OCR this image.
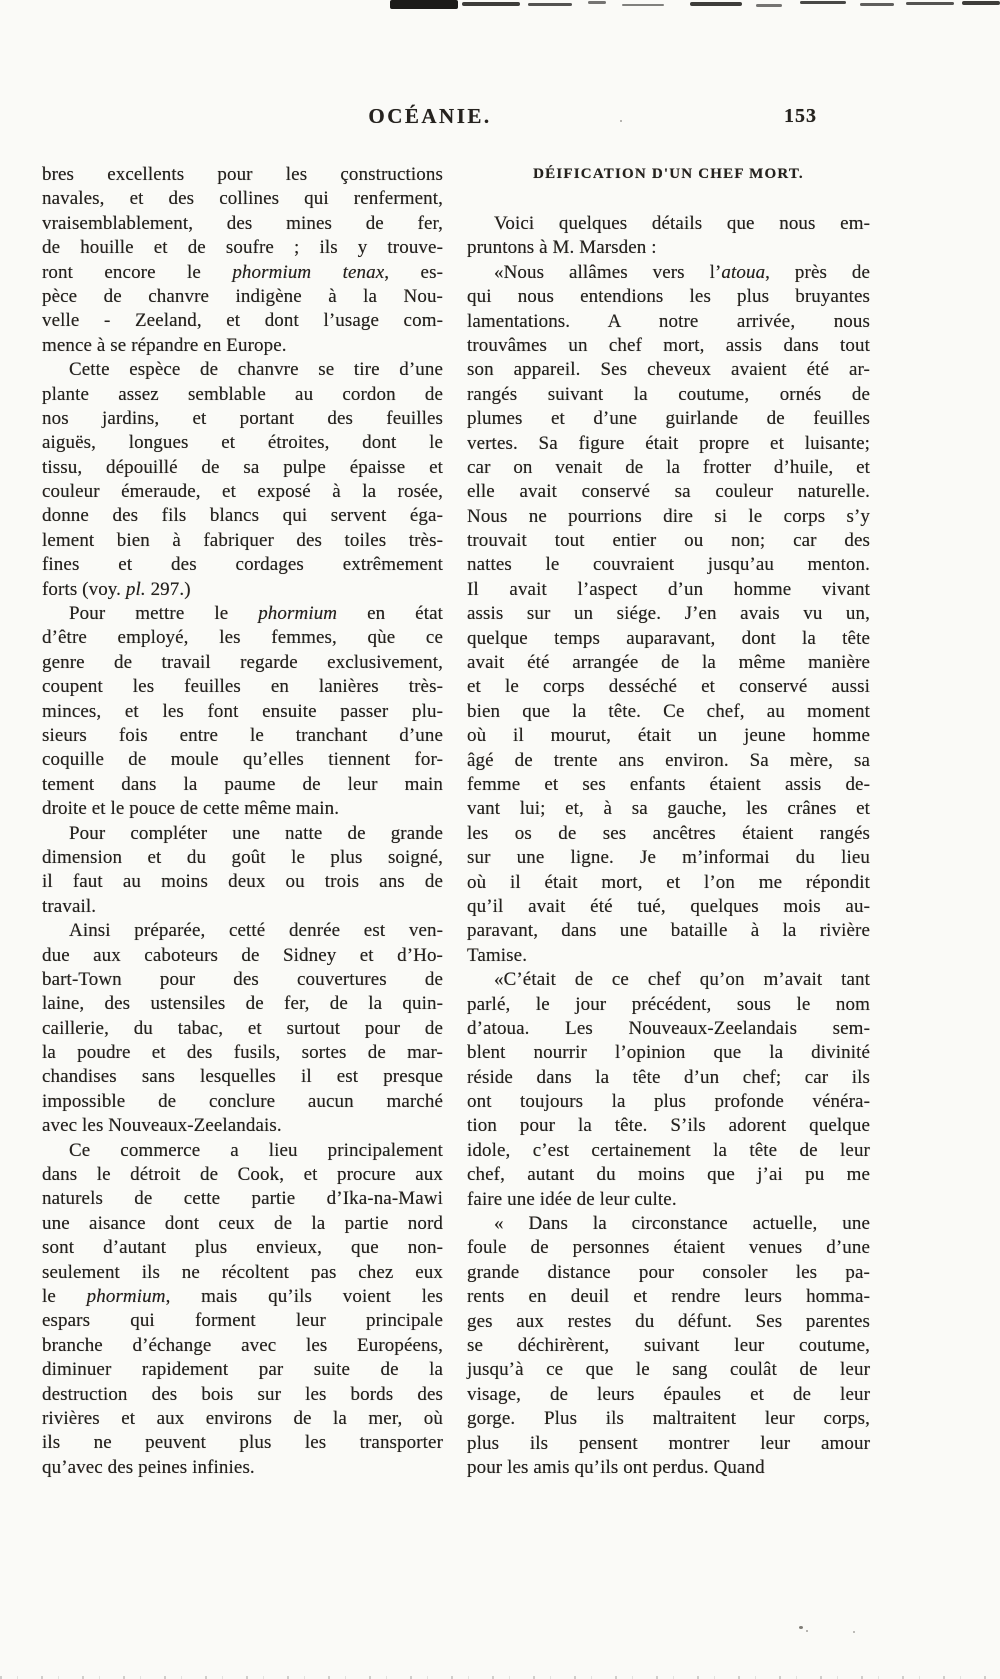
OCÉANIE.	153
bres excellents pour les çonstructions
navales, et des collines qui renferment,
vraisemblablement, des mines de fer,
de houille et de soufre ; ils y trouve-
ront encore le phormium tenax, es-
pèce de chanvre indigène à la Nou-
velle - Zeeland, et dont l’usage com-
mence à se répandre en Europe.
Cette espèce de chanvre se tire d’une
plante assez semblable au cordon de
nos jardins, et portant des feuilles
aiguës, longues et étroites, dont le
tissu, dépouillé de sa pulpe épaisse et
couleur émeraude, et exposé à la rosée,
donne des fils blancs qui servent éga-
lement bien à fabriquer des toiles très-
fines et des cordages extrêmement
forts (voy. pl. 297.)
Pour mettre le phormium en état
d’être employé, les femmes, qùe ce
genre de travail regarde exclusivement,
coupent les feuilles en lanières très-
minces, et les font ensuite passer plu-
sieurs fois entre le tranchant d’une
coquille de moule qu’elles tiennent for-
tement dans la paume de leur main
droite et le pouce de cette même main.
Pour compléter une natte de grande
dimension et du goût le plus soigné,
il faut au moins deux ou trois ans de
travail.
Ainsi préparée, cetté denrée est ven-
due aux caboteurs de Sidney et d’Ho-
bart-Town pour des couvertures de
laine, des ustensiles de fer, de la quin-
caillerie, du tabac, et surtout pour de
la poudre et des fusils, sortes de mar-
chandises sans lesquelles il est presque
impossible de conclure aucun marché
avec les Nouveaux-Zeelandais.
Ce commerce a lieu principalement
dans le détroit de Cook, et procure aux
naturels de cette partie d’Ika-na-Mawi
une aisance dont ceux de la partie nord
sont d’autant plus envieux, que non-
seulement ils ne récoltent pas chez eux
le phormium, mais qu’ils voient les
espars qui forment leur principale
branche d’échange avec les Européens,
diminuer rapidement par suite de la
destruction des bois sur les bords des
rivières et aux environs de la mer, où
ils ne peuvent plus les transporter
qu’avec des peines infinies.
DÉIFICATION D'UN CHEF MORT.
Voici quelques détails que nous em-
pruntons à M. Marsden :
«Nous allâmes vers l’atoua, près de
qui nous entendions les plus bruyantes
lamentations. A notre arrivée, nous
trouvâmes un chef mort, assis dans tout
son appareil. Ses cheveux avaient été ar-
rangés suivant la coutume, ornés de
plumes et d’une guirlande de feuilles
vertes. Sa figure était propre et luisante;
car on venait de la frotter d’huile, et
elle avait conservé sa couleur naturelle.
Nous ne pourrions dire si le corps s’y
trouvait tout entier ou non; car des
nattes le couvraient jusqu’au menton.
Il avait l’aspect d’un homme vivant
assis sur un siége. J’en avais vu un,
quelque temps auparavant, dont la tête
avait été arrangée de la même manière
et le corps desséché et conservé aussi
bien que la tête. Ce chef, au moment
où il mourut, était un jeune homme
âgé de trente ans environ. Sa mère, sa
femme et ses enfants étaient assis de-
vant lui; et, à sa gauche, les crânes et
les os de ses ancêtres étaient rangés
sur une ligne. Je m’informai du lieu
où il était mort, et l’on me répondit
qu’il avait été tué, quelques mois au-
paravant, dans une bataille à la rivière
Tamise.
«C’était de ce chef qu’on m’avait tant
parlé, le jour précédent, sous le nom
d’atoua. Les Nouveaux-Zeelandais sem-
blent nourrir l’opinion que la divinité
réside dans la tête d’un chef; car ils
ont toujours la plus profonde vénéra-
tion pour la tête. S’ils adorent quelque
idole, c’est certainement la tête de leur
chef, autant du moins que j’ai pu me
faire une idée de leur culte.
« Dans la circonstance actuelle, une
foule de personnes étaient venues d’une
grande distance pour consoler les pa-
rents en deuil et rendre leurs homma-
ges aux restes du défunt. Ses parentes
se déchirèrent, suivant leur coutume,
jusqu’à ce que le sang coulât de leur
visage, de leurs épaules et de leur
gorge. Plus ils maltraitent leur corps,
plus ils pensent montrer leur amour
pour les amis qu’ils ont perdus. Quand
